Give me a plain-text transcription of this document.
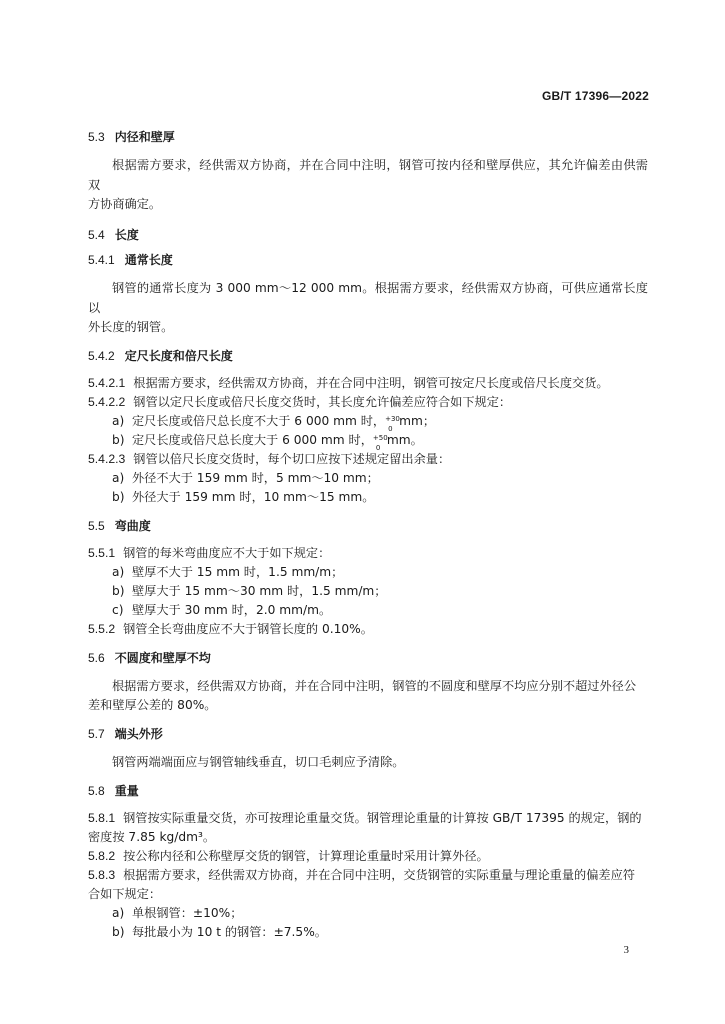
GB/T 17396—2022
5.3 内径和壁厚
根据需方要求，经供需双方协商，并在合同中注明，钢管可按内径和壁厚供应，其允许偏差由供需双
方协商确定。
5.4 长度
5.4.1 通常长度
钢管的通常长度为 3 000 mm～12 000 mm。根据需方要求，经供需双方协商，可供应通常长度以
外长度的钢管。
5.4.2 定尺长度和倍尺长度
5.4.2.1 根据需方要求，经供需双方协商，并在合同中注明，钢管可按定尺长度或倍尺长度交货。
5.4.2.2 钢管以定尺长度或倍尺长度交货时，其长度允许偏差应符合如下规定：
a) 定尺长度或倍尺总长度不大于 6 000 mm 时， +30
0
mm；
b) 定尺长度或倍尺总长度大于 6 000 mm 时， +50
0
mm。
5.4.2.3 钢管以倍尺长度交货时，每个切口应按下述规定留出余量：
a) 外径不大于 159 mm 时，5 mm～10 mm；
b) 外径大于 159 mm 时，10 mm～15 mm。
5.5 弯曲度
5.5.1 钢管的每米弯曲度应不大于如下规定：
a) 壁厚不大于 15 mm 时，1.5 mm/m；
b) 壁厚大于 15 mm～30 mm 时，1.5 mm/m；
c) 壁厚大于 30 mm 时，2.0 mm/m。
5.5.2 钢管全长弯曲度应不大于钢管长度的 0.10%。
5.6 不圆度和壁厚不均
根据需方要求，经供需双方协商，并在合同中注明，钢管的不圆度和壁厚不均应分别不超过外径公
差和壁厚公差的 80%。
5.7 端头外形
钢管两端端面应与钢管轴线垂直，切口毛刺应予清除。
5.8 重量
5.8.1 钢管按实际重量交货，亦可按理论重量交货。钢管理论重量的计算按 GB/T 17395 的规定，钢的
密度按 7.85 kg/dm³。
5.8.2 按公称内径和公称壁厚交货的钢管，计算理论重量时采用计算外径。
5.8.3 根据需方要求，经供需双方协商，并在合同中注明，交货钢管的实际重量与理论重量的偏差应符
合如下规定：
a) 单根钢管：±10%；
b) 每批最小为 10 t 的钢管：±7.5%。
3
